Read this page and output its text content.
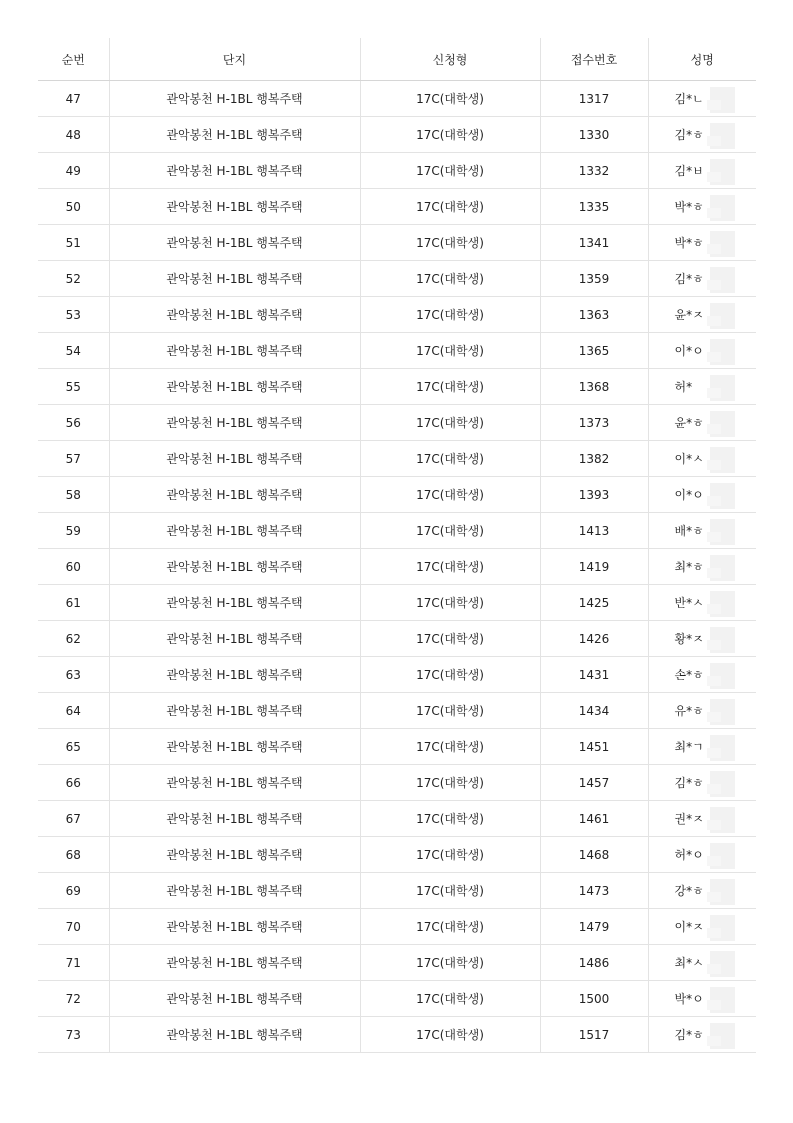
순번	단지	신청형	접수번호	성명
47	관악봉천 H-1BL 행복주택	17C(대학생)	1317	김*ㄴ

48	관악봉천 H-1BL 행복주택	17C(대학생)	1330	김*ㅎ

49	관악봉천 H-1BL 행복주택	17C(대학생)	1332	김*ㅂ

50	관악봉천 H-1BL 행복주택	17C(대학생)	1335	박*ㅎ

51	관악봉천 H-1BL 행복주택	17C(대학생)	1341	박*ㅎ

52	관악봉천 H-1BL 행복주택	17C(대학생)	1359	김*ㅎ

53	관악봉천 H-1BL 행복주택	17C(대학생)	1363	윤*ㅈ

54	관악봉천 H-1BL 행복주택	17C(대학생)	1365	이*ㅇ

55	관악봉천 H-1BL 행복주택	17C(대학생)	1368	허*

56	관악봉천 H-1BL 행복주택	17C(대학생)	1373	윤*ㅎ

57	관악봉천 H-1BL 행복주택	17C(대학생)	1382	이*ㅅ

58	관악봉천 H-1BL 행복주택	17C(대학생)	1393	이*ㅇ

59	관악봉천 H-1BL 행복주택	17C(대학생)	1413	배*ㅎ

60	관악봉천 H-1BL 행복주택	17C(대학생)	1419	최*ㅎ

61	관악봉천 H-1BL 행복주택	17C(대학생)	1425	반*ㅅ

62	관악봉천 H-1BL 행복주택	17C(대학생)	1426	황*ㅈ

63	관악봉천 H-1BL 행복주택	17C(대학생)	1431	손*ㅎ

64	관악봉천 H-1BL 행복주택	17C(대학생)	1434	유*ㅎ

65	관악봉천 H-1BL 행복주택	17C(대학생)	1451	최*ㄱ

66	관악봉천 H-1BL 행복주택	17C(대학생)	1457	김*ㅎ

67	관악봉천 H-1BL 행복주택	17C(대학생)	1461	권*ㅈ

68	관악봉천 H-1BL 행복주택	17C(대학생)	1468	허*ㅇ

69	관악봉천 H-1BL 행복주택	17C(대학생)	1473	강*ㅎ

70	관악봉천 H-1BL 행복주택	17C(대학생)	1479	이*ㅈ

71	관악봉천 H-1BL 행복주택	17C(대학생)	1486	최*ㅅ

72	관악봉천 H-1BL 행복주택	17C(대학생)	1500	박*ㅇ

73	관악봉천 H-1BL 행복주택	17C(대학생)	1517	김*ㅎ
